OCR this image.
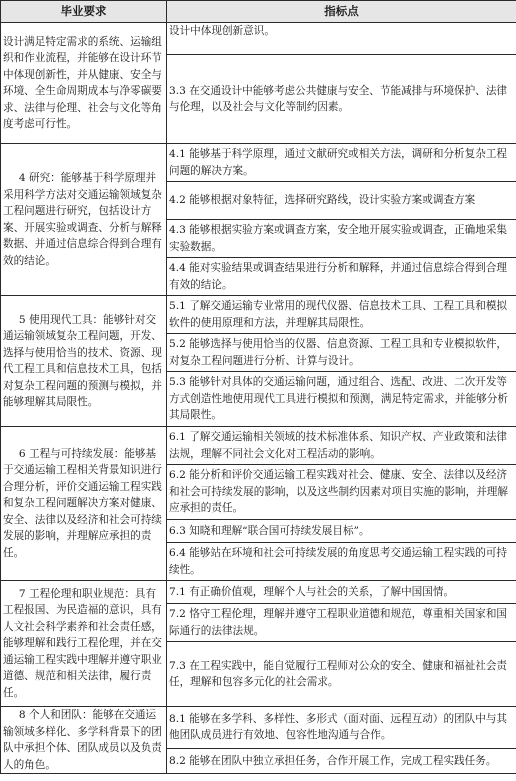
毕业要求	指标点
设计满足特定需求的系统、运输组织和作业流程，并能够在设计环节中体现创新性，并从健康、安全与环境、全生命周期成本与净零碳要求、法律与伦理、社会与文化等角度考虑可行性。	设计中体现创新意识。
	3.3 在交通设计中能够考虑公共健康与安全、节能减排与环境保护、法律与伦理，以及社会与文化等制约因素。
4 研究：能够基于科学原理并采用科学方法对交通运输领域复杂工程问题进行研究，包括设计方案、开展实验或调查、分析与解释数据、并通过信息综合得到合理有效的结论。	4.1 能够基于科学原理，通过文献研究或相关方法，调研和分析复杂工程问题的解决方案。
	4.2 能够根据对象特征，选择研究路线，设计实验方案或调查方案
	4.3 能够根据实验方案或调查方案，安全地开展实验或调查，正确地采集实验数据。
	4.4 能对实验结果或调查结果进行分析和解释，并通过信息综合得到合理有效的结论。
5 使用现代工具：能够针对交通运输领域复杂工程问题，开发、选择与使用恰当的技术、资源、现代工程工具和信息技术工具，包括对复杂工程问题的预测与模拟，并能够理解其局限性。	5.1 了解交通运输专业常用的现代仪器、信息技术工具、工程工具和模拟软件的使用原理和方法，并理解其局限性。
	5.2 能够选择与使用恰当的仪器、信息资源、工程工具和专业模拟软件，对复杂工程问题进行分析、计算与设计。
	5.3 能够针对具体的交通运输问题，通过组合、选配、改进、二次开发等方式创造性地使用现代工具进行模拟和预测，满足特定需求，并能够分析其局限性。
6 工程与可持续发展：能够基于交通运输工程相关背景知识进行合理分析，评价交通运输工程实践和复杂工程问题解决方案对健康、安全、法律以及经济和社会可持续发展的影响，并理解应承担的责任。	6.1 了解交通运输相关领域的技术标准体系、知识产权、产业政策和法律法规，理解不同社会文化对工程活动的影响。
	6.2 能分析和评价交通运输工程实践对社会、健康、安全、法律以及经济和社会可持续发展的影响，以及这些制约因素对项目实施的影响，并理解应承担的责任。
	6.3 知晓和理解“联合国可持续发展目标”。
	6.4 能够站在环境和社会可持续发展的角度思考交通运输工程实践的可持续性。
7 工程伦理和职业规范：具有工程报国、为民造福的意识，具有人文社会科学素养和社会责任感，能够理解和践行工程伦理，并在交通运输工程实践中理解并遵守职业道德、规范和相关法律，履行责任。	7.1 有正确价值观，理解个人与社会的关系，了解中国国情。
	7.2 恪守工程伦理，理解并遵守工程职业道德和规范，尊重相关国家和国际通行的法律法规。
	7.3 在工程实践中，能自觉履行工程师对公众的安全、健康和福祉社会责任，理解和包容多元化的社会需求。
8 个人和团队：能够在交通运输领域多样化、多学科背景下的团队中承担个体、团队成员以及负责人的角色。	8.1 能够在多学科、多样性、多形式（面对面、远程互动）的团队中与其他团队成员进行有效地、包容性地沟通与合作。
	8.2 能够在团队中独立承担任务，合作开展工作，完成工程实践任务。
